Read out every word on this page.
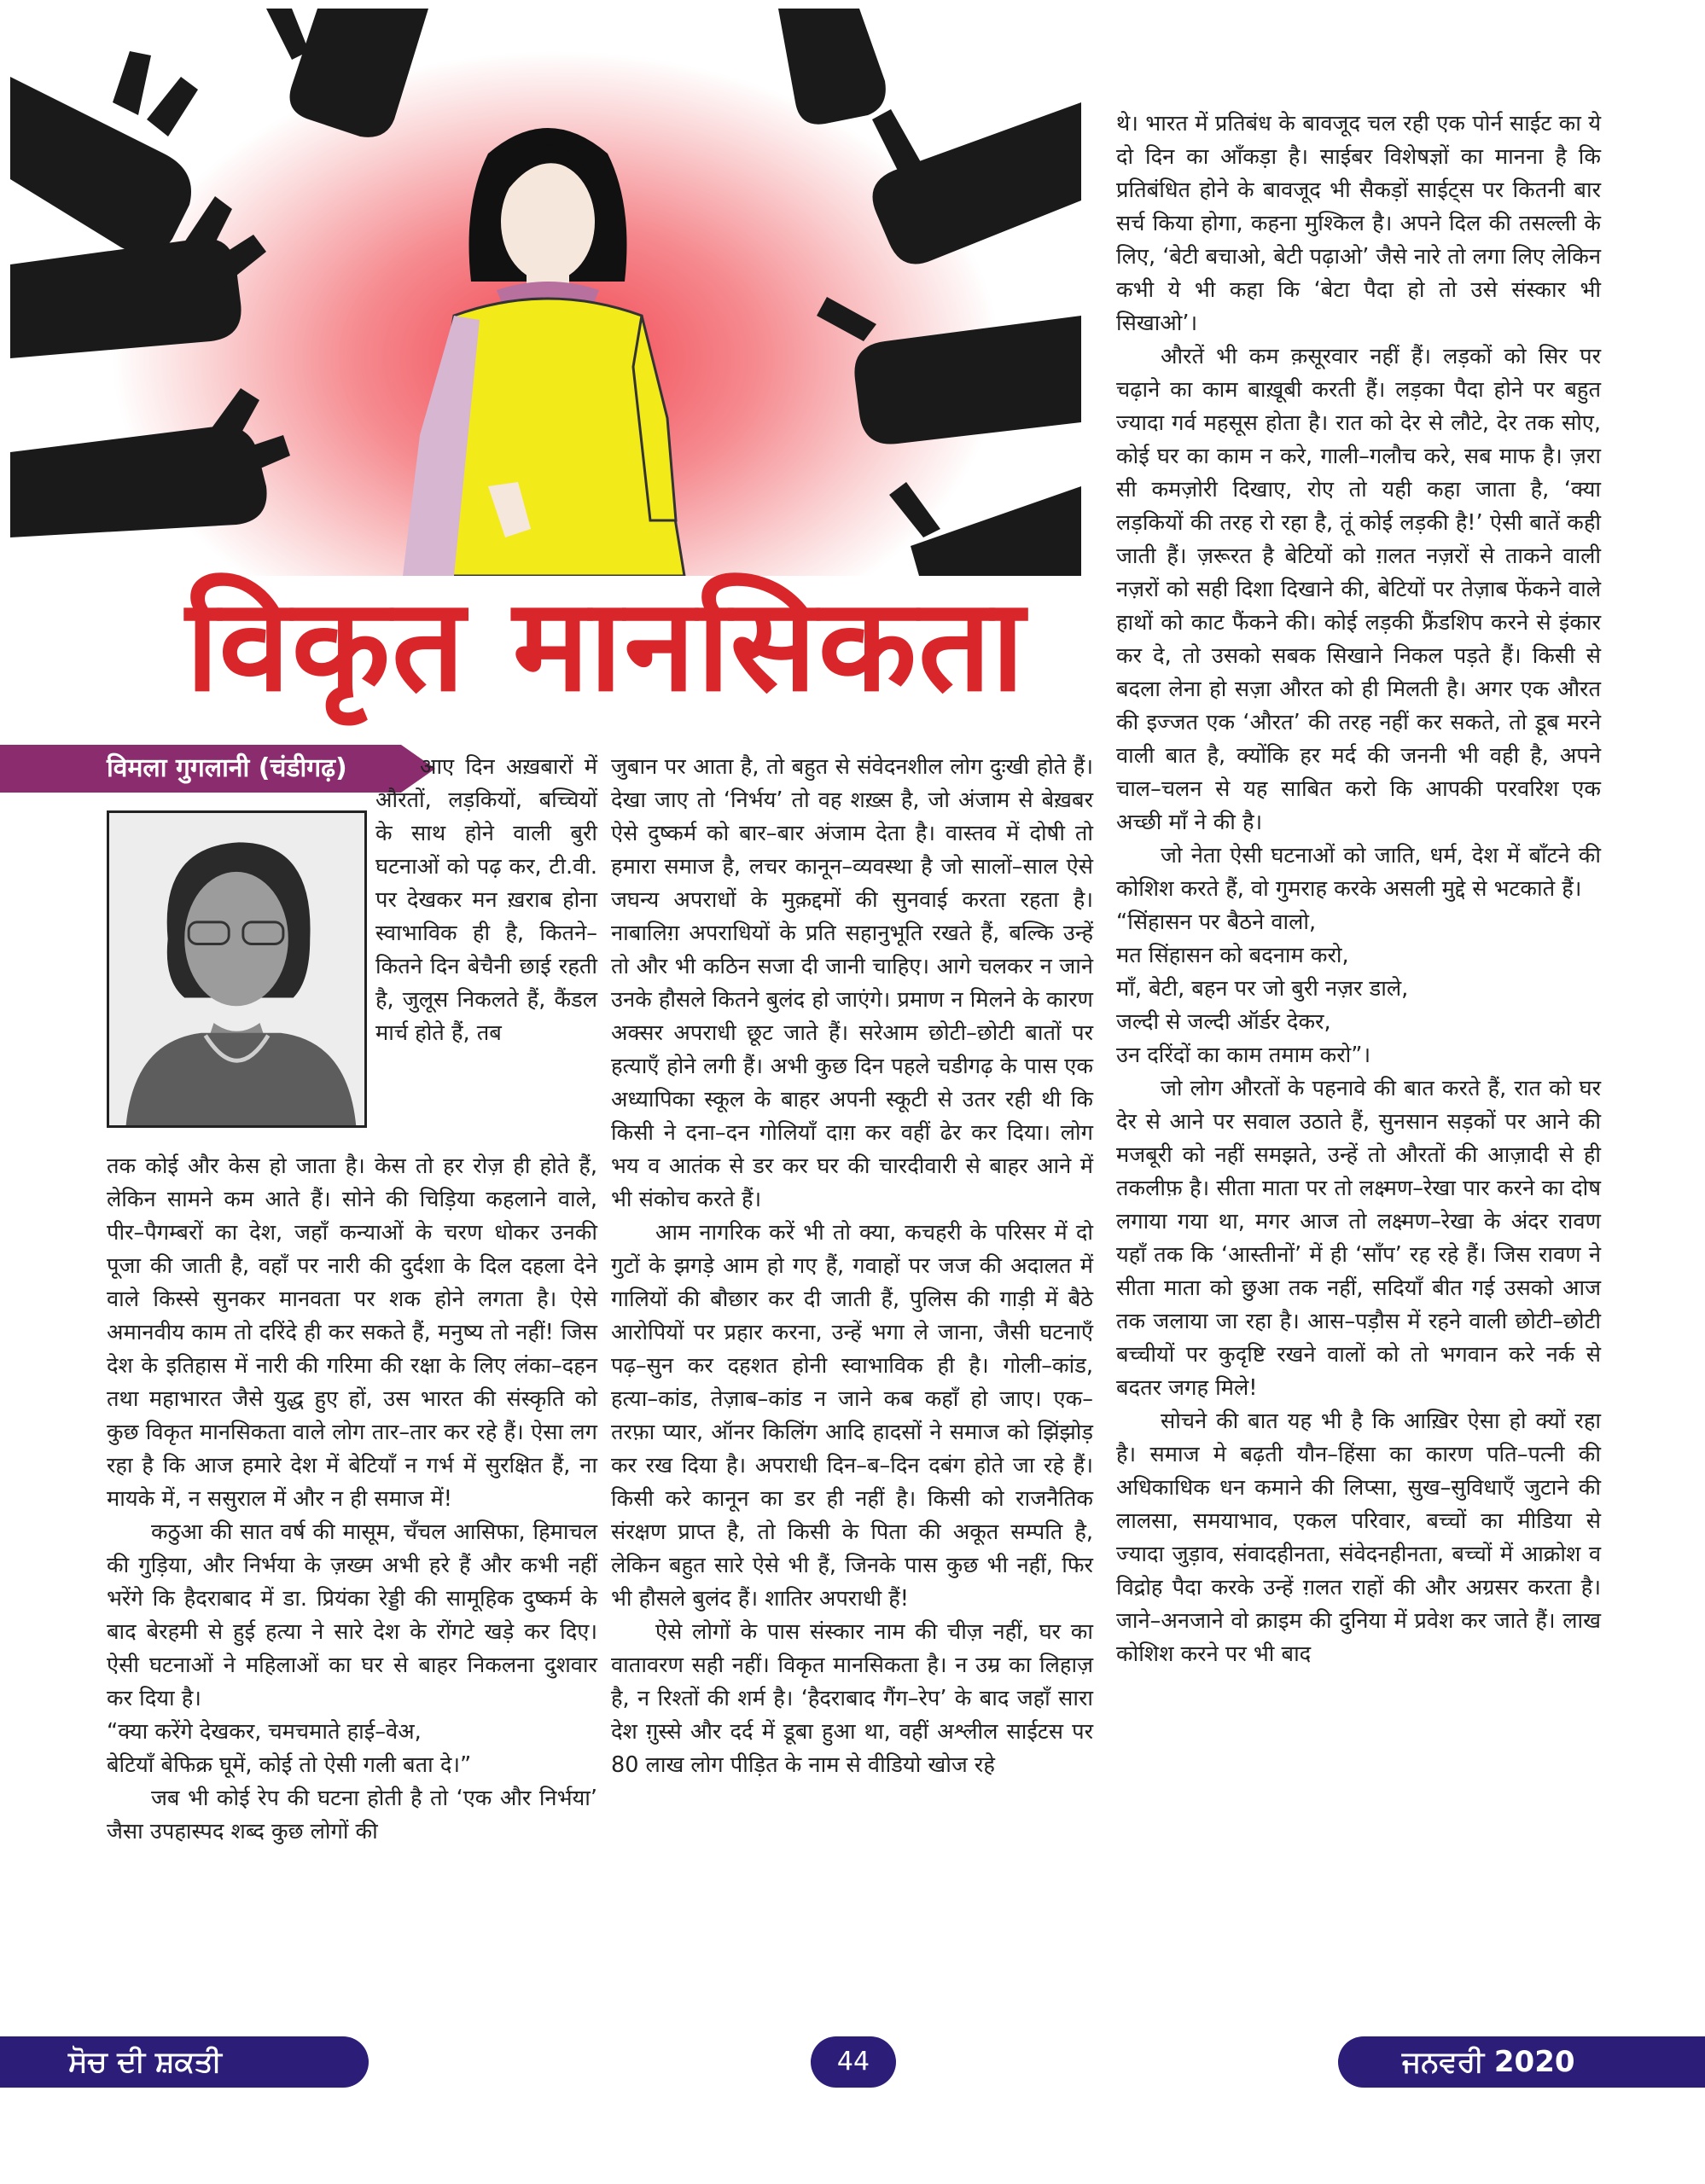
विकृत मानसिकता
विमला गुगलानी (चंडीगढ़)	आए दिन अख़बारों में औरतों, लड़कियों, बच्चियों के साथ होने वाली बुरी घटनाओं को पढ़ कर, टी.वी. पर देखकर मन ख़राब होना स्वाभाविक ही है, कितने–कितने दिन बेचैनी छाई रहती है, जुलूस निकलते हैं, कैंडल मार्च होते हैं, तब

तक कोई और केस हो जाता है। केस तो हर रोज़ ही होते हैं, लेकिन सामने कम आते हैं। सोने की चिड़िया कहलाने वाले, पीर–पैगम्बरों का देश, जहाँ कन्याओं के चरण धोकर उनकी पूजा की जाती है, वहाँ पर नारी की दुर्दशा के दिल दहला देने वाले किस्से सुनकर मानवता पर शक होने लगता है। ऐसे अमानवीय काम तो दरिंदे ही कर सकते हैं, मनुष्य तो नहीं! जिस देश के इतिहास में नारी की गरिमा की रक्षा के लिए लंका–दहन तथा महाभारत जैसे युद्ध हुए हों, उस भारत की संस्कृति को कुछ विकृत मानसिकता वाले लोग तार–तार कर रहे हैं। ऐसा लग रहा है कि आज हमारे देश में बेटियाँ न गर्भ में सुरक्षित हैं, ना मायके में, न ससुराल में और न ही समाज में!

कठुआ की सात वर्ष की मासूम, चँचल आसिफा, हिमाचल की गुड़िया, और निर्भया के ज़ख्म अभी हरे हैं और कभी नहीं भरेंगे कि हैदराबाद में डा. प्रियंका रेड्डी की सामूहिक दुष्कर्म के बाद बेरहमी से हुई हत्या ने सारे देश के रोंगटे खड़े कर दिए। ऐसी घटनाओं ने महिलाओं का घर से बाहर निकलना दुशवार कर दिया है।

“क्या करेंगे देखकर, चमचमाते हाई–वेअ,

बेटियाँ बेफिक्र घूमें, कोई तो ऐसी गली बता दे।”

जब भी कोई रेप की घटना होती है तो ‘एक और निर्भया’ जैसा उपहास्पद शब्द कुछ लोगों की

जुबान पर आता है, तो बहुत से संवेदनशील लोग दुःखी होते हैं। देखा जाए तो ‘निर्भय’ तो वह शख़्स है, जो अंजाम से बेख़बर ऐसे दुष्कर्म को बार–बार अंजाम देता है। वास्तव में दोषी तो हमारा समाज है, लचर कानून–व्यवस्था है जो सालों–साल ऐसे जघन्य अपराधों के मुक़द्दमों की सुनवाई करता रहता है। नाबालिग़ अपराधियों के प्रति सहानुभूति रखते हैं, बल्कि उन्हें तो और भी कठिन सजा दी जानी चाहिए। आगे चलकर न जाने उनके हौसले कितने बुलंद हो जाएंगे। प्रमाण न मिलने के कारण अक्सर अपराधी छूट जाते हैं। सरेआम छोटी–छोटी बातों पर हत्याएँ होने लगी हैं। अभी कुछ दिन पहले चडीगढ़ के पास एक अध्यापिका स्कूल के बाहर अपनी स्कूटी से उतर रही थी कि किसी ने दना–दन गोलियाँ दाग़ कर वहीं ढेर कर दिया। लोग भय व आतंक से डर कर घर की चारदीवारी से बाहर आने में भी संकोच करते हैं।

आम नागरिक करें भी तो क्या, कचहरी के परिसर में दो गुटों के झगड़े आम हो गए हैं, गवाहों पर जज की अदालत में गालियों की बौछार कर दी जाती हैं, पुलिस की गाड़ी में बैठे आरोपियों पर प्रहार करना, उन्हें भगा ले जाना, जैसी घटनाएँ पढ़–सुन कर दहशत होनी स्वाभाविक ही है। गोली–कांड, हत्या–कांड, तेज़ाब–कांड न जाने कब कहाँ हो जाए। एक–तरफ़ा प्यार, ऑनर किलिंग आदि हादसों ने समाज को झिंझोड़ कर रख दिया है। अपराधी दिन–ब–दिन दबंग होते जा रहे हैं। किसी करे कानून का डर ही नहीं है। किसी को राजनैतिक संरक्षण प्राप्त है, तो किसी के पिता की अकूत सम्पति है, लेकिन बहुत सारे ऐसे भी हैं, जिनके पास कुछ भी नहीं, फिर भी हौसले बुलंद हैं। शातिर अपराधी हैं!

ऐसे लोगों के पास संस्कार नाम की चीज़ नहीं, घर का वातावरण सही नहीं। विकृत मानसिकता है। न उम्र का लिहाज़ है, न रिश्तों की शर्म है। ‘हैदराबाद गैंग–रेप’ के बाद जहाँ सारा देश ग़ुस्से और दर्द में डूबा हुआ था, वहीं अश्लील साईटस पर 80 लाख लोग पीड़ित के नाम से वीडियो खोज रहे

थे। भारत में प्रतिबंध के बावजूद चल रही एक पोर्न साईट का ये दो दिन का आँकड़ा है। साईबर विशेषज्ञों का मानना है कि प्रतिबंधित होने के बावजूद भी सैकड़ों साईट्स पर कितनी बार सर्च किया होगा, कहना मुश्किल है। अपने दिल की तसल्ली के लिए, ‘बेटी बचाओ, बेटी पढ़ाओ’ जैसे नारे तो लगा लिए लेकिन कभी ये भी कहा कि ‘बेटा पैदा हो तो उसे संस्कार भी सिखाओ’।

औरतें भी कम क़सूरवार नहीं हैं। लड़कों को सिर पर चढ़ाने का काम बाख़ूबी करती हैं। लड़का पैदा होने पर बहुत ज्यादा गर्व महसूस होता है। रात को देर से लौटे, देर तक सोए, कोई घर का काम न करे, गाली–गलौच करे, सब माफ है। ज़रा सी कमज़ोरी दिखाए, रोए तो यही कहा जाता है, ‘क्या लड़कियों की तरह रो रहा है, तूं कोई लड़की है!’ ऐसी बातें कही जाती हैं। ज़रूरत है बेटियों को ग़लत नज़रों से ताकने वाली नज़रों को सही दिशा दिखाने की, बेटियों पर तेज़ाब फेंकने वाले हाथों को काट फैंकने की। कोई लड़की फ्रैंडशिप करने से इंकार कर दे, तो उसको सबक सिखाने निकल पड़ते हैं। किसी से बदला लेना हो सज़ा औरत को ही मिलती है। अगर एक औरत की इज्जत एक ‘औरत’ की तरह नहीं कर सकते, तो डूब मरने वाली बात है, क्योंकि हर मर्द की जननी भी वही है, अपने चाल–चलन से यह साबित करो कि आपकी परवरिश एक अच्छी माँ ने की है।

जो नेता ऐसी घटनाओं को जाति, धर्म, देश में बाँटने की कोशिश करते हैं, वो गुमराह करके असली मुद्दे से भटकाते हैं।

“सिंहासन पर बैठने वालो,

मत सिंहासन को बदनाम करो,

माँ, बेटी, बहन पर जो बुरी नज़र डाले,

जल्दी से जल्दी ऑर्डर देकर,

उन दरिंदों का काम तमाम करो”।

जो लोग औरतों के पहनावे की बात करते हैं, रात को घर देर से आने पर सवाल उठाते हैं, सुनसान सड़कों पर आने की मजबूरी को नहीं समझते, उन्हें तो औरतों की आज़ादी से ही तकलीफ़ है। सीता माता पर तो लक्ष्मण–रेखा पार करने का दोष लगाया गया था, मगर आज तो लक्ष्मण–रेखा के अंदर रावण यहाँ तक कि ‘आस्तीनों’ में ही ‘साँप’ रह रहे हैं। जिस रावण ने सीता माता को छुआ तक नहीं, सदियाँ बीत गई उसको आज तक जलाया जा रहा है। आस–पड़ौस में रहने वाली छोटी–छोटी बच्चीयों पर कुदृष्टि रखने वालों को तो भगवान करे नर्क से बदतर जगह मिले!

सोचने की बात यह भी है कि आख़िर ऐसा हो क्यों रहा है। समाज मे बढ़ती यौन–हिंसा का कारण पति–पत्नी की अधिकाधिक धन कमाने की लिप्सा, सुख–सुविधाएँ जुटाने की लालसा, समयाभाव, एकल परिवार, बच्चों का मीडिया से ज्यादा जुड़ाव, संवादहीनता, संवेदनहीनता, बच्चों में आक्रोश व विद्रोह पैदा करके उन्हें ग़लत राहों की और अग्रसर करता है। जाने–अनजाने वो क्राइम की दुनिया में प्रवेश कर जाते हैं। लाख कोशिश करने पर भी बाद

ਸੋਚ ਦੀ ਸ਼ਕਤੀ	44	ਜਨਵਰੀ 2020
